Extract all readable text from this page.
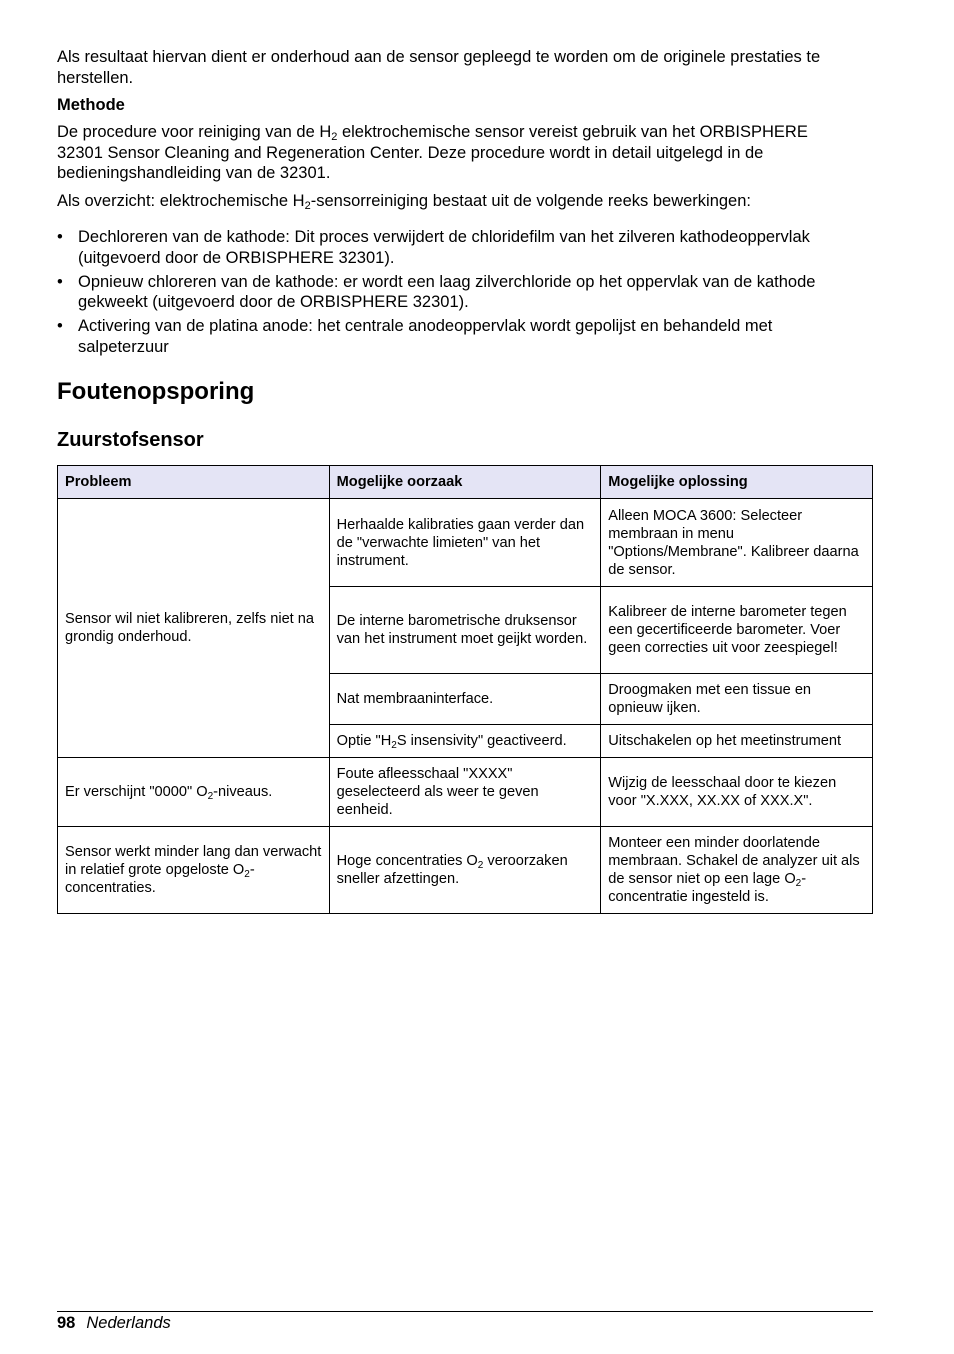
Als resultaat hiervan dient er onderhoud aan de sensor gepleegd te worden om de originele prestaties te herstellen.

Methode

De procedure voor reiniging van de $H_2$ elektrochemische sensor vereist gebruik van het ORBISPHERE 32301 Sensor Cleaning and Regeneration Center. Deze procedure wordt in detail uitgelegd in de bedieningshandleiding van de 32301.

Als overzicht: elektrochemische $H_2$-sensorreiniging bestaat uit de volgende reeks bewerkingen:

• Dechloreren van de kathode: Dit proces verwijdert de chloridefilm van het zilveren kathodeoppervlak (uitgevoerd door de ORBISPHERE 32301).
• Opnieuw chloreren van de kathode: er wordt een laag zilverchloride op het oppervlak van de kathode gekweekt (uitgevoerd door de ORBISPHERE 32301).
• Activering van de platina anode: het centrale anodeoppervlak wordt gepolijst en behandeld met salpeterzuur
Foutenopsporing
Zuurstofsensor
Probleem	Mogelijke oorzaak	Mogelijke oplossing
Sensor wil niet kalibreren, zelfs niet na grondig onderhoud.	Herhaalde kalibraties gaan verder dan de "verwachte limieten" van het instrument.	Alleen MOCA 3600: Selecteer membraan in menu "Options/Membrane". Kalibreer daarna de sensor.
	De interne barometrische druksensor van het instrument moet geijkt worden.	Kalibreer de interne barometer tegen een gecertificeerde barometer. Voer geen correcties uit voor zeespiegel!
	Nat membraaninterface.	Droogmaken met een tissue en opnieuw ijken.
	Optie "$H_2S$ insensivity" geactiveerd.	Uitschakelen op het meetinstrument
Er verschijnt "0000" $O_2$-niveaus.	Foute afleesschaal "XXXX" geselecteerd als weer te geven eenheid.	Wijzig de leesschaal door te kiezen voor "X.XXX, XX.XX of XXX.X".
Sensor werkt minder lang dan verwacht in relatief grote opgeloste $O_2$-concentraties.	Hoge concentraties $O_2$ veroorzaken sneller afzettingen.	Monteer een minder doorlatende membraan. Schakel de analyzer uit als de sensor niet op een lage $O_2$-concentratie ingesteld is.
98 Nederlands
